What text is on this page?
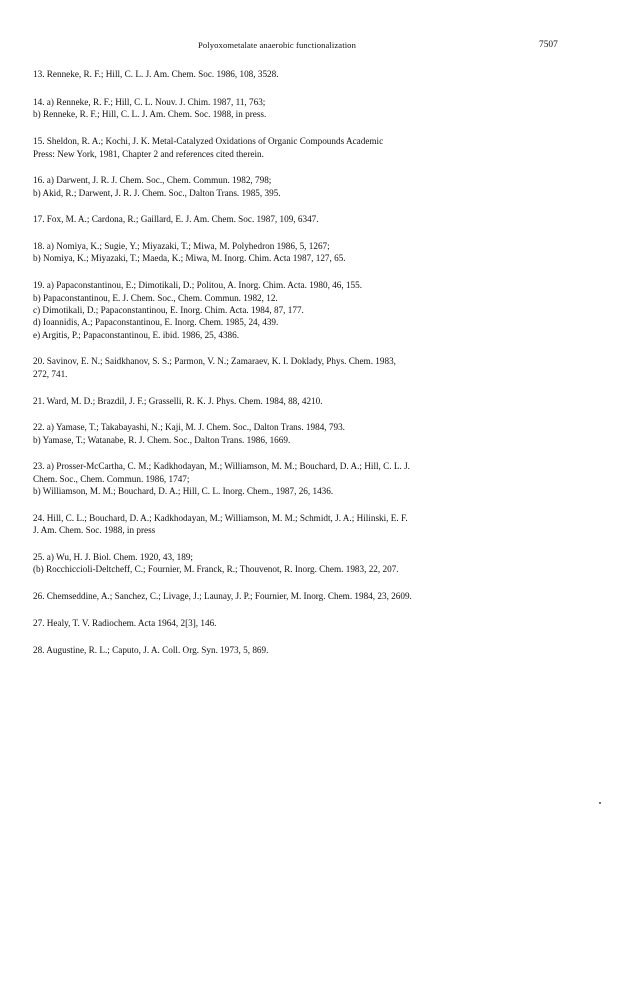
Polyoxometalate anaerobic functionalization	7507
13. Renneke, R. F.; Hill, C. L. J. Am. Chem. Soc. 1986, 108, 3528.
14. a) Renneke, R. F.; Hill, C. L. Nouv. J. Chim. 1987, 11, 763;
b) Renneke, R. F.; Hill, C. L. J. Am. Chem. Soc. 1988, in press.
15. Sheldon, R. A.; Kochi, J. K. Metal-Catalyzed Oxidations of Organic Compounds Academic
Press: New York, 1981, Chapter 2 and references cited therein.
16. a) Darwent, J. R. J. Chem. Soc., Chem. Commun. 1982, 798;
b) Akid, R.; Darwent, J. R. J. Chem. Soc., Dalton Trans. 1985, 395.
17. Fox, M. A.; Cardona, R.; Gaillard, E. J. Am. Chem. Soc. 1987, 109, 6347.
18. a) Nomiya, K.; Sugie, Y.; Miyazaki, T.; Miwa, M. Polyhedron 1986, 5, 1267;
b) Nomiya, K.; Miyazaki, T.; Maeda, K.; Miwa, M. Inorg. Chim. Acta 1987, 127, 65.
19. a) Papaconstantinou, E.; Dimotikali, D.; Politou, A. Inorg. Chim. Acta. 1980, 46, 155.
b) Papaconstantinou, E. J. Chem. Soc., Chem. Commun. 1982, 12.
c) Dimotikali, D.; Papaconstantinou, E. Inorg. Chim. Acta. 1984, 87, 177.
d) Ioannidis, A.; Papaconstantinou, E. Inorg. Chem. 1985, 24, 439.
e) Argitis, P.; Papaconstantinou, E. ibid. 1986, 25, 4386.
20. Savinov, E. N.; Saidkhanov, S. S.; Parmon, V. N.; Zamaraev, K. I. Doklady, Phys. Chem. 1983,
272, 741.
21. Ward, M. D.; Brazdil, J. F.; Grasselli, R. K. J. Phys. Chem. 1984, 88, 4210.
22. a) Yamase, T.; Takabayashi, N.; Kaji, M. J. Chem. Soc., Dalton Trans. 1984, 793.
b) Yamase, T.; Watanabe, R. J. Chem. Soc., Dalton Trans. 1986, 1669.
23. a) Prosser-McCartha, C. M.; Kadkhodayan, M.; Williamson, M. M.; Bouchard, D. A.; Hill, C. L. J.
Chem. Soc., Chem. Commun. 1986, 1747;
b) Williamson, M. M.; Bouchard, D. A.; Hill, C. L. Inorg. Chem., 1987, 26, 1436.
24. Hill, C. L.; Bouchard, D. A.; Kadkhodayan, M.; Williamson, M. M.; Schmidt, J. A.; Hilinski, E. F.
J. Am. Chem. Soc. 1988, in press
25. a) Wu, H. J. Biol. Chem. 1920, 43, 189;
(b) Rocchiccioli-Deltcheff, C.; Fournier, M. Franck, R.; Thouvenot, R. Inorg. Chem. 1983, 22, 207.
26. Chemseddine, A.; Sanchez, C.; Livage, J.; Launay, J. P.; Fournier, M. Inorg. Chem. 1984, 23, 2609.
27. Healy, T. V. Radiochem. Acta 1964, 2[3], 146.
28. Augustine, R. L.; Caputo, J. A. Coll. Org. Syn. 1973, 5, 869.
